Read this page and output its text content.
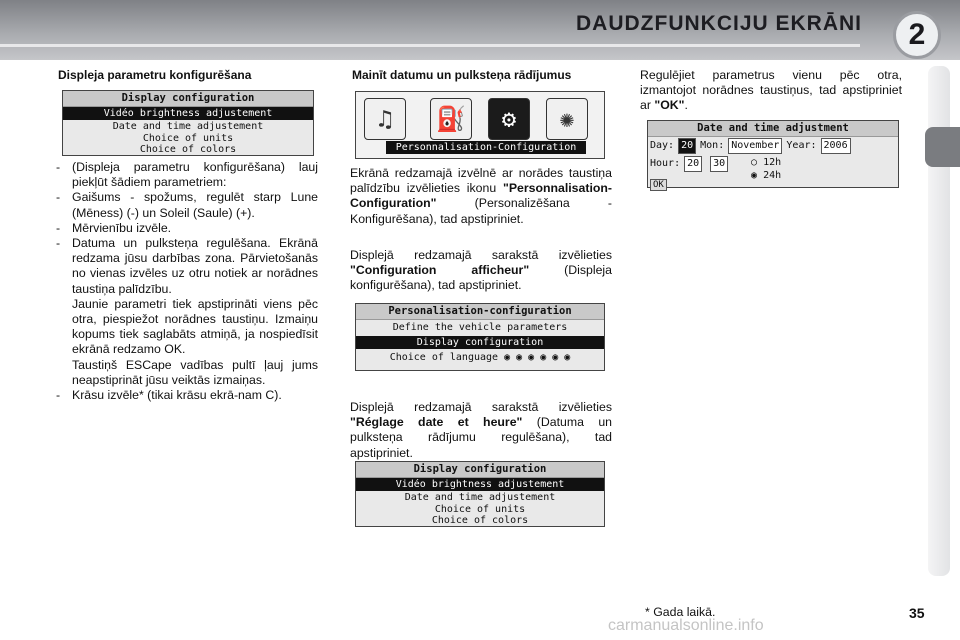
DAUDZFUNKCIJU EKRĀNI	2
Displeja parametru konfigurēšana
Display configuration
Vidéo brightness adjustement
Date and time adjustement
Choice of units
Choice of colors
- (Displeja parametru konfigurēšana) lauj piekļūt šādiem parametriem:
- Gaišums - spožums, regulēt starp Lune (Mēness) (-) un Soleil (Saule) (+).
- Mērvienību izvēle.
- Datuma un pulksteņa regulēšana. Ekrānā redzama jūsu darbības zona. Pārvietošanās no vienas izvēles uz otru notiek ar norādnes taustiņa palīdzību.
Jaunie parametri tiek apstiprināti viens pēc otra, piespiežot norādnes taustiņu. Izmaiņu kopums tiek saglabāts atmiņā, ja nospiedīsit ekrānā redzamo OK.
Taustiņš ESCape vadības pultī ļauj jums neapstiprināt jūsu veiktās izmaiņas.
- Krāsu izvēle* (tikai krāsu ekrā-nam C).
Mainīt datumu un pulksteņa rādījumus
♫	⛽	⚙	✺
Personnalisation-Configuration
Ekrānā redzamajā izvēlnē ar norādes taustiņa palīdzību izvēlieties ikonu "Personnalisation-Configuration" (Personalizēšana - Konfigurēšana), tad apstipriniet.
Displejā redzamajā sarakstā izvēlieties "Configuration afficheur" (Displeja konfigurēšana), tad apstipriniet.
Personalisation-configuration
Define the vehicle parameters
Display configuration
Choice of language ◉ ◉ ◉ ◉ ◉ ◉
Displejā redzamajā sarakstā izvēlieties "Réglage date et heure" (Datuma un pulksteņa rādījumu regulēšana), tad apstipriniet.
Display configuration
Vidéo brightness adjustement
Date and time adjustement
Choice of units
Choice of colors
Regulējiet parametrus vienu pēc otra, izmantojot norādnes taustiņus, tad apstipriniet ar "OK".
Date and time adjustment
Day: 20 Mon: November Year: 2006
Hour: 20 30	○ 12h
◉ 24h
OK
* Gada laikā.	35
carmanualsonline.info
